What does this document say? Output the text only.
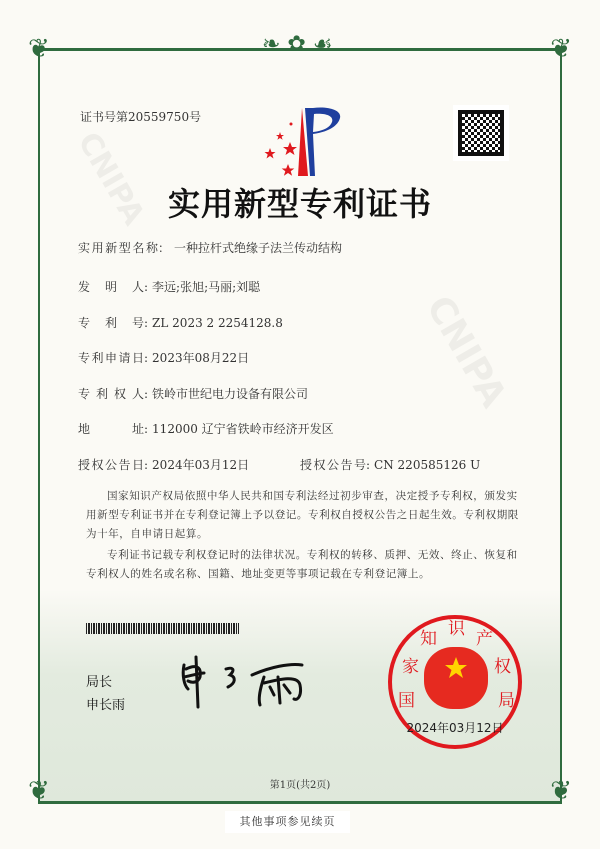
❦	❦
❦	❦
❧ ✿ ☙
CNIPA
CNIPA
证书号第20559750号
实用新型专利证书
实 用 新 型 名 称 ： 一种拉杆式绝缘子法兰传动结构
发 明 人 : 李远;张旭;马丽;刘聪
专 利 号 : ZL 2023 2 2254128.8
专 利 申 请 日 : 2023年08月22日
专 利 权 人 : 铁岭市世纪电力设备有限公司
地	址 : 112000 辽宁省铁岭市经济开发区
授 权 公 告 日 : 2024年03月12日	授 权 公 告 号 : CN 220585126 U

国家知识产权局依照中华人民共和国专利法经过初步审查，决定授予专利权，颁发实用新型专利证书并在专利登记簿上予以登记。专利权自授权公告之日起生效。专利权期限为十年，自申请日起算。

专利证书记载专利权登记时的法律状况。专利权的转移、质押、无效、终止、恢复和专利权人的姓名或名称、国籍、地址变更等事项记载在专利登记簿上。

局长
申长雨	国
家
知 识 产
权
局
2024年03月12日
第1页(共2页)
其他事项参见续页
